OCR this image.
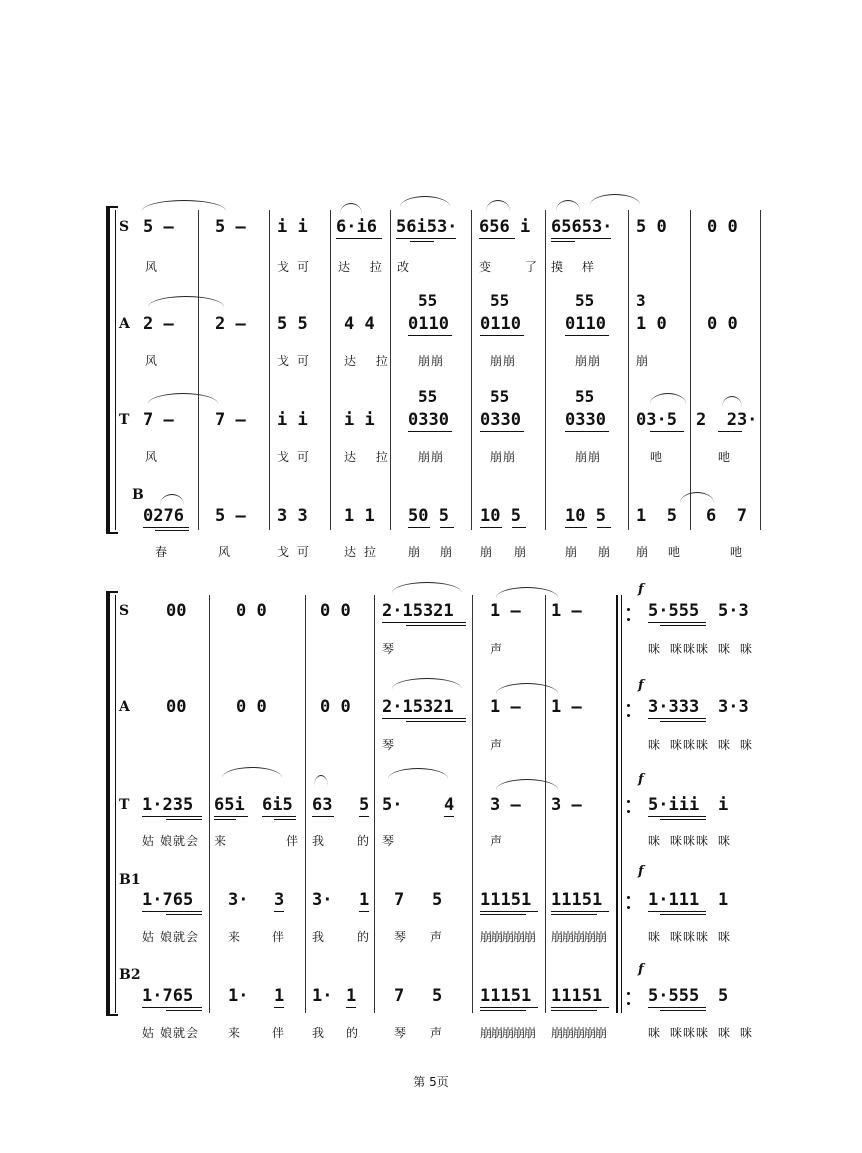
S 5 — 5 — i i 6·i6 56i53· 656 i 65653· 5 0 0 0
风	戈可 达 拉 改	变	了 摸 样
A
55	55	55	3
2 — 2 — 5 5 4 4 0110 0110	0110 1 0 0 0
风	戈可 达 拉 崩崩	崩崩	崩崩	崩
T
55	55	55
7 — 7 — i i i i 0330 0330	0330 03·5 2  23·
风	戈可 达 拉 崩崩	崩崩	崩崩	吔	吔
B
0276 5 — 3 3 1 1 50 5 10 5	10 5 1  5 6  7
春	风	戈可 达拉 崩 崩 崩 崩	崩 崩 崩 吔	吔
f
f
f
f
f
S 00	0 0	0 0 2·15321 1 — 1 —	5·555 5·3
琴	声	咪 咪咪咪 咪 咪
A 00	0 0	0 0 2·15321 1 — 1 —	3·333 3·3
琴	声	咪 咪咪咪 咪 咪
T 1·235 65i 6i5 63 5 5· 4 3 — 3 —	5·iii i
姑 娘就会 来	伴 我	的 琴	声	咪 咪咪咪 咪
B1
1·765 3· 3 3· 1 7 5 11151 11151	1·111 1
姑 娘就会 来	伴 我	的 琴 声	崩崩崩崩崩 崩崩崩崩崩	咪 咪咪咪 咪
B2
1·765 1· 1 1· 1 7 5 11151 11151	5·555 5
姑 娘就会 来	伴 我 的	琴 声	崩崩崩崩崩 崩崩崩崩崩	咪 咪咪咪 咪 咪
第 5页
